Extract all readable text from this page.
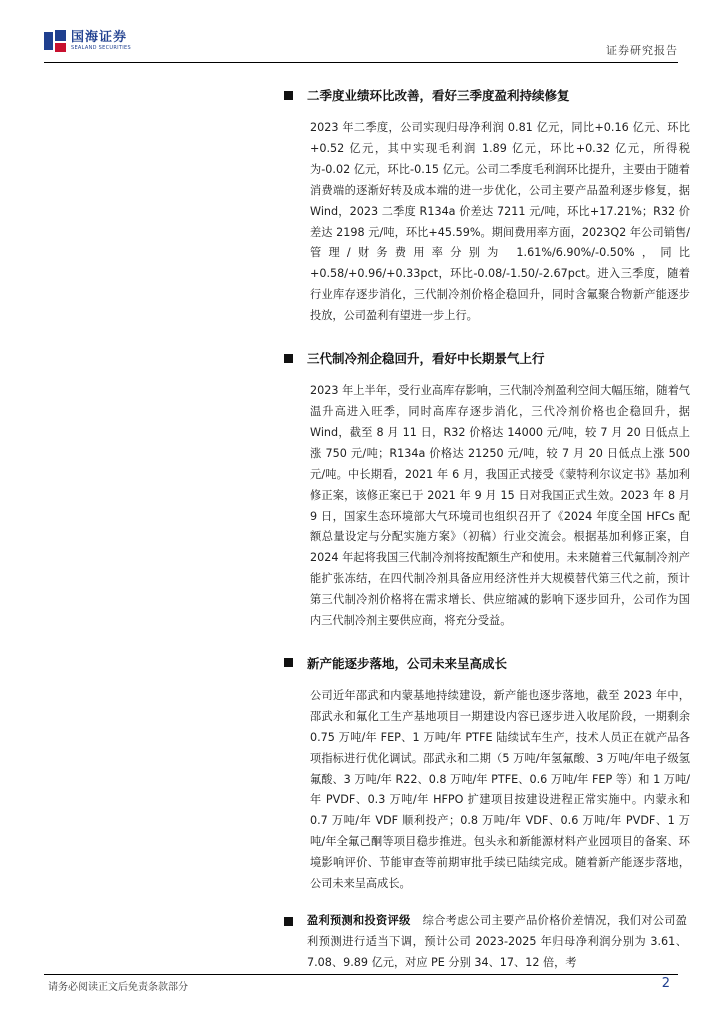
国海证券
SEALAND SECURITIES	证券研究报告
二季度业绩环比改善，看好三季度盈利持续修复

2023 年二季度，公司实现归母净利润 0.81 亿元，同比+0.16 亿元、环比+0.52 亿元，其中实现毛利润 1.89 亿元，环比+0.32 亿元，所得税为-0.02 亿元，环比-0.15 亿元。公司二季度毛利润环比提升，主要由于随着消费端的逐渐好转及成本端的进一步优化，公司主要产品盈利逐步修复，据 Wind，2023 二季度 R134a 价差达 7211 元/吨，环比+17.21%；R32 价差达 2198 元/吨，环比+45.59%。期间费用率方面，2023Q2 年公司销售/管理/财务费用率分别为 1.61%/6.90%/-0.50%，同比+0.58/+0.96/+0.33pct，环比-0.08/-1.50/-2.67pct。进入三季度，随着行业库存逐步消化，三代制冷剂价格企稳回升，同时含氟聚合物新产能逐步投放，公司盈利有望进一步上行。

三代制冷剂企稳回升，看好中长期景气上行

2023 年上半年，受行业高库存影响，三代制冷剂盈利空间大幅压缩，随着气温升高进入旺季，同时高库存逐步消化，三代冷剂价格也企稳回升，据 Wind，截至 8 月 11 日，R32 价格达 14000 元/吨，较 7 月 20 日低点上涨 750 元/吨；R134a 价格达 21250 元/吨，较 7 月 20 日低点上涨 500 元/吨。中长期看，2021 年 6 月，我国正式接受《蒙特利尔议定书》基加利修正案，该修正案已于 2021 年 9 月 15 日对我国正式生效。2023 年 8 月 9 日，国家生态环境部大气环境司也组织召开了《2024 年度全国 HFCs 配额总量设定与分配实施方案》（初稿）行业交流会。根据基加利修正案，自 2024 年起将我国三代制冷剂将按配额生产和使用。未来随着三代氟制冷剂产能扩张冻结，在四代制冷剂具备应用经济性并大规模替代第三代之前，预计第三代制冷剂价格将在需求增长、供应缩减的影响下逐步回升，公司作为国内三代制冷剂主要供应商，将充分受益。

新产能逐步落地，公司未来呈高成长

公司近年邵武和内蒙基地持续建设，新产能也逐步落地，截至 2023 年中，邵武永和氟化工生产基地项目一期建设内容已逐步进入收尾阶段，一期剩余 0.75 万吨/年 FEP、1 万吨/年 PTFE 陆续试车生产，技术人员正在就产品各项指标进行优化调试。邵武永和二期（5 万吨/年氢氟酸、3 万吨/年电子级氢氟酸、3 万吨/年 R22、0.8 万吨/年 PTFE、0.6 万吨/年 FEP 等）和 1 万吨/年 PVDF、0.3 万吨/年 HFPO 扩建项目按建设进程正常实施中。内蒙永和 0.7 万吨/年 VDF 顺利投产；0.8 万吨/年 VDF、0.6 万吨/年 PVDF、1 万吨/年全氟己酮等项目稳步推进。包头永和新能源材料产业园项目的备案、环境影响评价、节能审查等前期审批手续已陆续完成。随着新产能逐步落地，公司未来呈高成长。

盈利预测和投资评级 综合考虑公司主要产品价格价差情况，我们对公司盈利预测进行适当下调，预计公司 2023-2025 年归母净利润分别为 3.61、7.08、9.89 亿元，对应 PE 分别 34、17、12 倍，考
请务必阅读正文后免责条款部分	2
